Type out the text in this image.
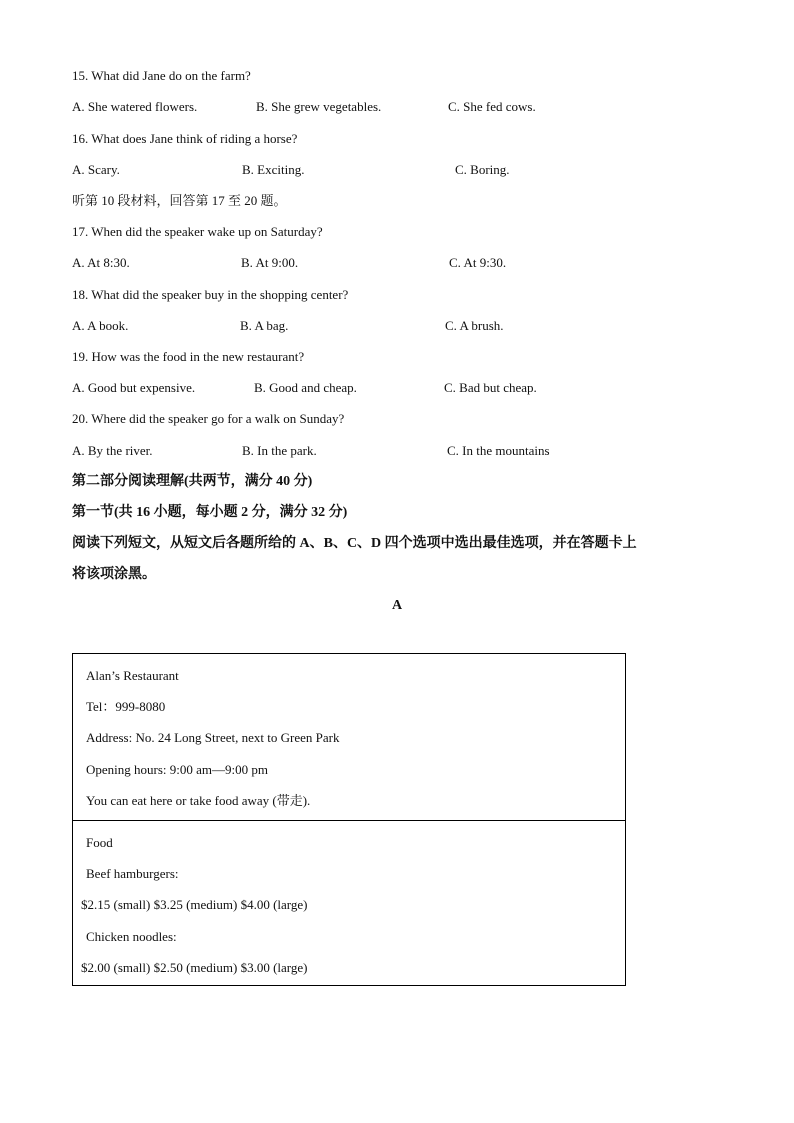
15. What did Jane do on the farm?
A. She watered flowers.	B. She grew vegetables.	C. She fed cows.
16. What does Jane think of riding a horse?
A. Scary.	B. Exciting.	C. Boring.
听第 10 段材料，回答第 17 至 20 题。
17. When did the speaker wake up on Saturday?
A. At 8:30.	B. At 9:00.	C. At 9:30.
18. What did the speaker buy in the shopping center?
A. A book.	B. A bag.	C. A brush.
19. How was the food in the new restaurant?
A. Good but expensive.	B. Good and cheap.	C. Bad but cheap.
20. Where did the speaker go for a walk on Sunday?
A. By the river.	B. In the park.	C. In the mountains
第二部分阅读理解(共两节，满分 40 分)
第一节(共 16 小题，每小题 2 分，满分 32 分)
阅读下列短文，从短文后各题所给的 A、B、C、D 四个选项中选出最佳选项，并在答题卡上
将该项涂黑。
A
Alan’s Restaurant
Tel：999-8080
Address: No. 24 Long Street, next to Green Park
Opening hours: 9:00 am—9:00 pm
You can eat here or take food away (带走).
Food
Beef hamburgers:
$2.15 (small) $3.25 (medium) $4.00 (large)
Chicken noodles:
$2.00 (small) $2.50 (medium) $3.00 (large)
